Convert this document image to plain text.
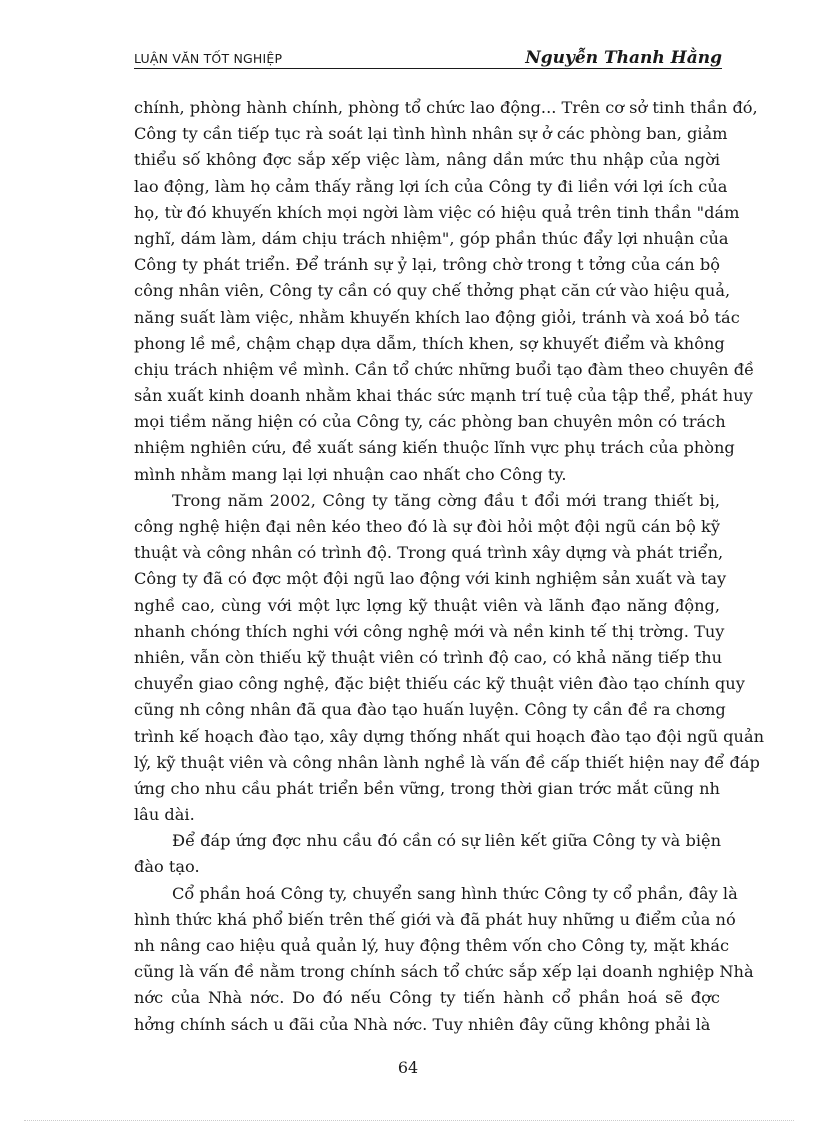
LUẬN VĂN TỐT NGHIỆP	Nguyễn Thanh Hằng
chính, phòng hành chính, phòng tổ chức lao động... Trên cơ sở tinh thần đó,
Công ty cần tiếp tục rà soát lại tình hình nhân sự ở các phòng ban, giảm
thiểu số không đợc sắp xếp việc làm, nâng dần mức thu nhập của ngời
lao động, làm họ cảm thấy rằng lợi ích của Công ty đi liền với lợi ích của
họ, từ đó khuyến khích mọi ngời làm việc có hiệu quả trên tinh thần "dám
nghĩ, dám làm, dám chịu trách nhiệm", góp phần thúc đẩy lợi nhuận của
Công ty phát triển. Để tránh sự ỷ lại, trông chờ trong t tởng của cán bộ
công nhân viên, Công ty cần có quy chế thởng phạt căn cứ vào hiệu quả,
năng suất làm việc, nhằm khuyến khích lao động giỏi, tránh và xoá bỏ tác
phong lề mề, chậm chạp dựa dẫm, thích khen, sợ khuyết điểm và không
chịu trách nhiệm về mình. Cần tổ chức những buổi tạo đàm theo chuyên đề
sản xuất kinh doanh nhằm khai thác sức mạnh trí tuệ của tập thể, phát huy
mọi tiềm năng hiện có của Công ty, các phòng ban chuyên môn có trách
nhiệm nghiên cứu, đề xuất sáng kiến thuộc lĩnh vực phụ trách của phòng
mình nhằm mang lại lợi nhuận cao nhất cho Công ty.
Trong năm 2002, Công ty tăng cờng đầu t đổi mới trang thiết bị,
công nghệ hiện đại nên kéo theo đó là sự đòi hỏi một đội ngũ cán bộ kỹ
thuật và công nhân có trình độ. Trong quá trình xây dựng và phát triển,
Công ty đã có đợc một đội ngũ lao động với kinh nghiệm sản xuất và tay
nghề cao, cùng với một lực lợng kỹ thuật viên và lãnh đạo năng động,
nhanh chóng thích nghi với công nghệ mới và nền kinh tế thị trờng. Tuy
nhiên, vẫn còn thiếu kỹ thuật viên có trình độ cao, có khả năng tiếp thu
chuyển giao công nghệ, đặc biệt thiếu các kỹ thuật viên đào tạo chính quy
cũng nh công nhân đã qua đào tạo huấn luyện. Công ty cần đề ra chơng
trình kế hoạch đào tạo, xây dựng thống nhất qui hoạch đào tạo đội ngũ quản
lý, kỹ thuật viên và công nhân lành nghề là vấn đề cấp thiết hiện nay để đáp
ứng cho nhu cầu phát triển bền vững, trong thời gian trớc mắt cũng nh
lâu dài.
Để đáp ứng đợc nhu cầu đó cần có sự liên kết giữa Công ty và biện
đào tạo.
Cổ phần hoá Công ty, chuyển sang hình thức Công ty cổ phần, đây là
hình thức khá phổ biến trên thế giới và đã phát huy những u điểm của nó
nh nâng cao hiệu quả quản lý, huy động thêm vốn cho Công ty, mặt khác
cũng là vấn đề nằm trong chính sách tổ chức sắp xếp lại doanh nghiệp Nhà
nớc của Nhà nớc. Do đó nếu Công ty tiến hành cổ phần hoá sẽ đợc
hởng chính sách u đãi của Nhà nớc. Tuy nhiên đây cũng không phải là
64
